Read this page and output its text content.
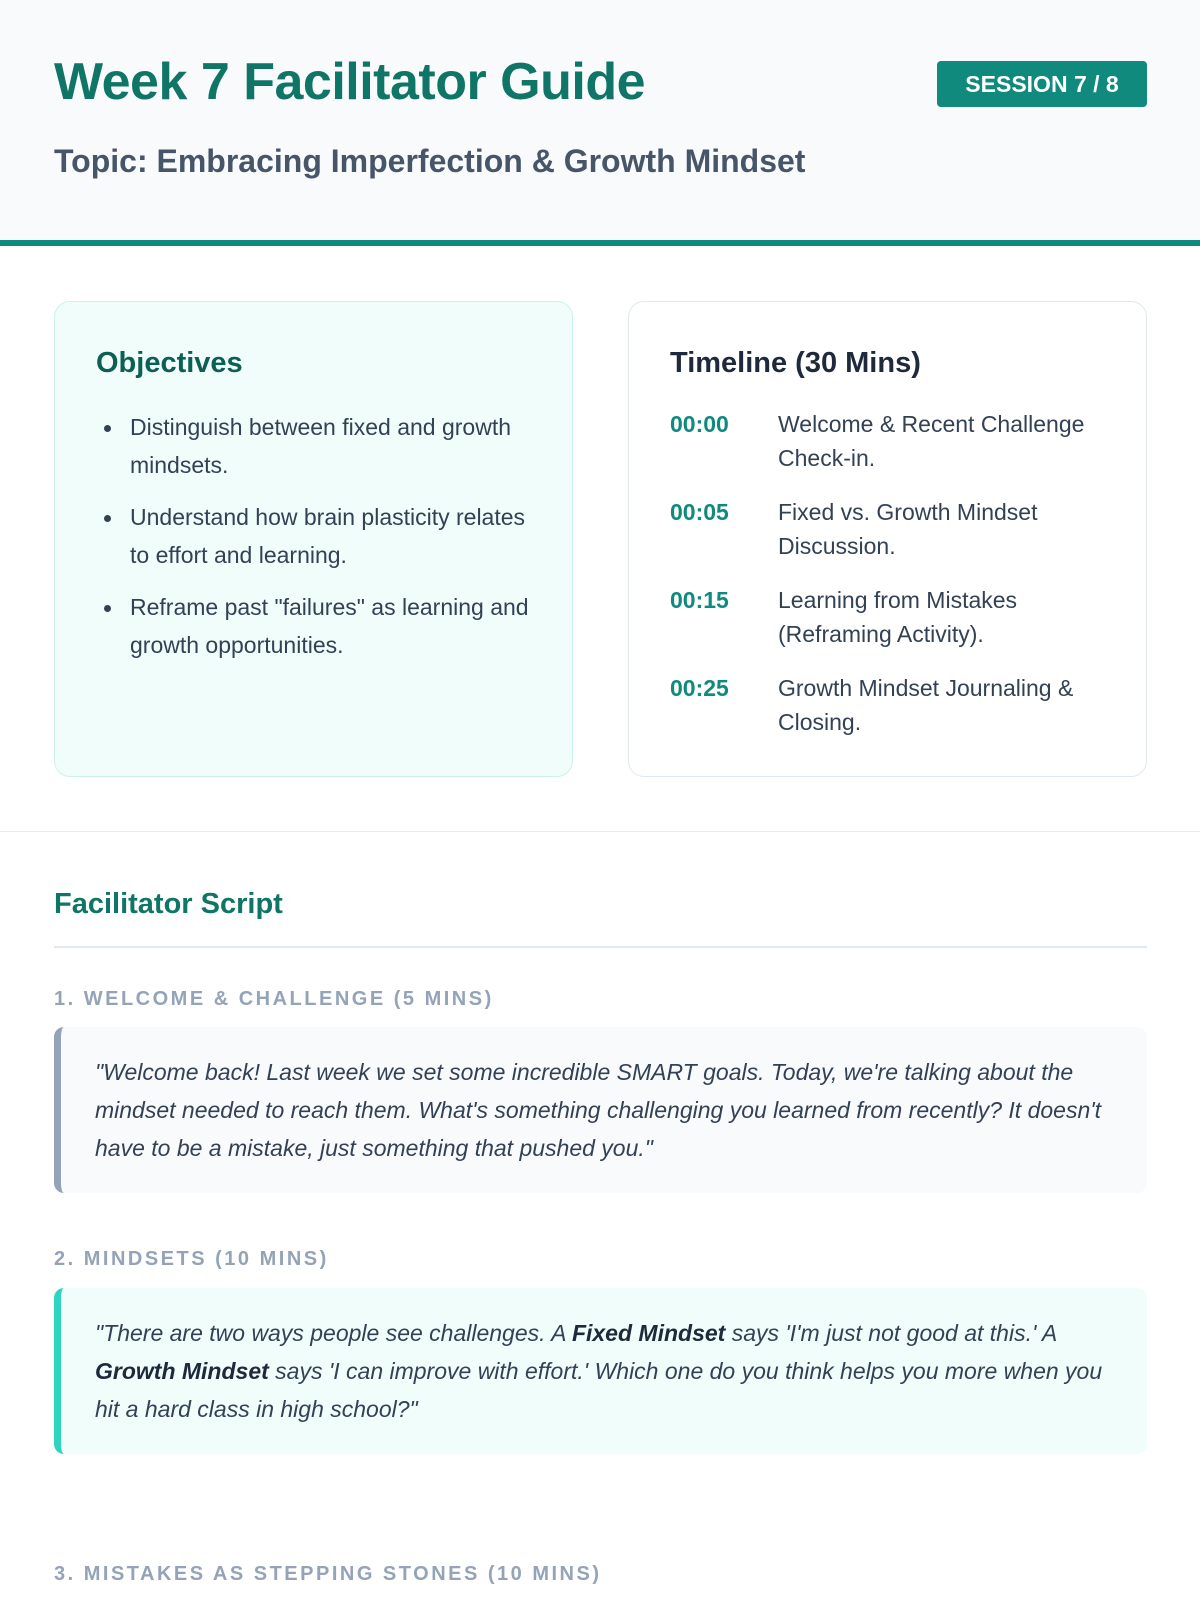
Week 7 Facilitator Guide	SESSION 7 / 8
Topic: Embracing Imperfection & Growth Mindset
Objectives
Distinguish between fixed and growth mindsets.
Understand how brain plasticity relates to effort and learning.
Reframe past "failures" as learning and growth opportunities.
Timeline (30 Mins)
00:00	Welcome & Recent Challenge Check-in.
00:05	Fixed vs. Growth Mindset Discussion.
00:15	Learning from Mistakes (Reframing Activity).
00:25	Growth Mindset Journaling & Closing.
Facilitator Script
1. WELCOME & CHALLENGE (5 MINS)
"Welcome back! Last week we set some incredible SMART goals. Today, we're talking about the mindset needed to reach them. What's something challenging you learned from recently? It doesn't have to be a mistake, just something that pushed you."
2. MINDSETS (10 MINS)
"There are two ways people see challenges. A Fixed Mindset says 'I'm just not good at this.' A Growth Mindset says 'I can improve with effort.' Which one do you think helps you more when you hit a hard class in high school?"
3. MISTAKES AS STEPPING STONES (10 MINS)
